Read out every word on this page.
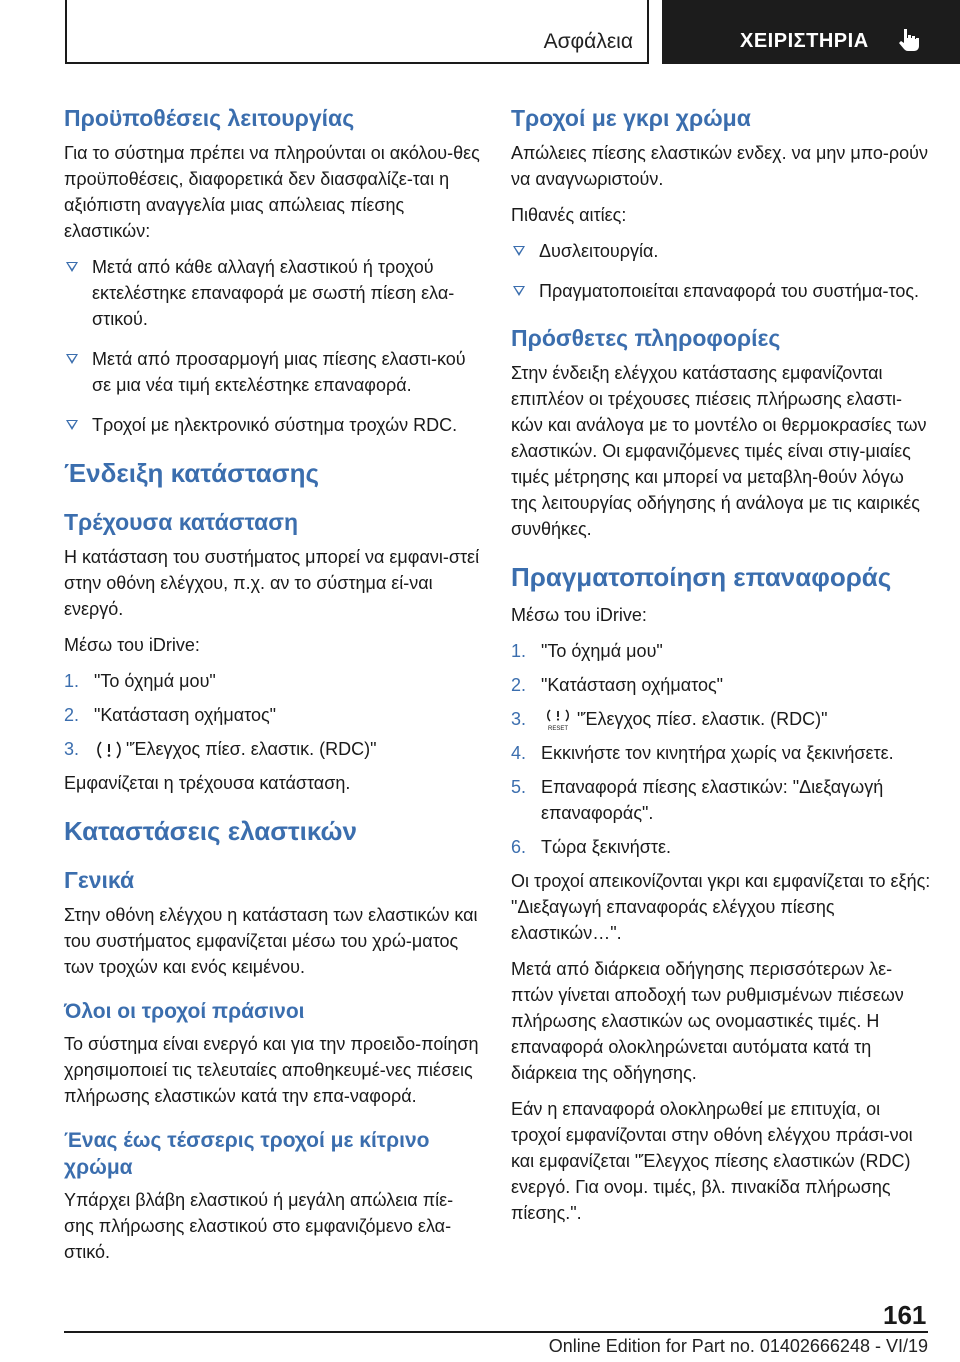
Ασφάλεια	ΧΕΙΡΙΣΤΗΡΙΑ
Προϋποθέσεις λειτουργίας
Για το σύστημα πρέπει να πληρούνται οι ακόλου-θες προϋποθέσεις, διαφορετικά δεν διασφαλίζε-ται η αξιόπιστη αναγγελία μιας απώλειας πίεσης ελαστικών:
Μετά από κάθε αλλαγή ελαστικού ή τροχού εκτελέστηκε επαναφορά με σωστή πίεση ελα-στικού.
Μετά από προσαρμογή μιας πίεσης ελαστι-κού σε μια νέα τιμή εκτελέστηκε επαναφορά.
Τροχοί με ηλεκτρονικό σύστημα τροχών RDC.
Ένδειξη κατάστασης
Τρέχουσα κατάσταση
Η κατάσταση του συστήματος μπορεί να εμφανι-στεί στην οθόνη ελέγχου, π.χ. αν το σύστημα εί-ναι ενεργό.
Μέσω του iDrive:
1. "Το όχημά μου"
2. "Κατάσταση οχήματος"
3.	"Έλεγχος πίεσ. ελαστικ. (RDC)"
Εμφανίζεται η τρέχουσα κατάσταση.
Καταστάσεις ελαστικών
Γενικά
Στην οθόνη ελέγχου η κατάσταση των ελαστικών και του συστήματος εμφανίζεται μέσω του χρώ-ματος των τροχών και ενός κειμένου.
Όλοι οι τροχοί πράσινοι
Το σύστημα είναι ενεργό και για την προειδο-ποίηση χρησιμοποιεί τις τελευταίες αποθηκευμέ-νες πιέσεις πλήρωσης ελαστικών κατά την επα-ναφορά.
Ένας έως τέσσερις τροχοί με κίτρινο χρώμα
Υπάρχει βλάβη ελαστικού ή μεγάλη απώλεια πίε-σης πλήρωσης ελαστικού στο εμφανιζόμενο ελα-στικό.
Τροχοί με γκρι χρώμα
Απώλειες πίεσης ελαστικών ενδεχ. να μην μπο-ρούν να αναγνωριστούν.
Πιθανές αιτίες:
Δυσλειτουργία.
Πραγματοποιείται επαναφορά του συστήμα-τος.
Πρόσθετες πληροφορίες
Στην ένδειξη ελέγχου κατάστασης εμφανίζονται επιπλέον οι τρέχουσες πιέσεις πλήρωσης ελαστι-κών και ανάλογα με το μοντέλο οι θερμοκρασίες των ελαστικών. Οι εμφανιζόμενες τιμές είναι στιγ-μιαίες τιμές μέτρησης και μπορεί να μεταβλη-θούν λόγω της λειτουργίας οδήγησης ή ανάλογα με τις καιρικές συνθήκες.
Πραγματοποίηση επαναφοράς
Μέσω του iDrive:
1. "Το όχημά μου"
2. "Κατάσταση οχήματος"
3.
RESET
"Έλεγχος πίεσ. ελαστικ. (RDC)"
4. Εκκινήστε τον κινητήρα χωρίς να ξεκινήσετε.
5. Επαναφορά πίεσης ελαστικών: "Διεξαγωγή επαναφοράς".
6. Τώρα ξεκινήστε.
Οι τροχοί απεικονίζονται γκρι και εμφανίζεται το εξής: "Διεξαγωγή επαναφοράς ελέγχου πίεσης ελαστικών…".
Μετά από διάρκεια οδήγησης περισσότερων λε-πτών γίνεται αποδοχή των ρυθμισμένων πιέσεων πλήρωσης ελαστικών ως ονομαστικές τιμές. Η επαναφορά ολοκληρώνεται αυτόματα κατά τη διάρκεια της οδήγησης.
Εάν η επαναφορά ολοκληρωθεί με επιτυχία, οι τροχοί εμφανίζονται στην οθόνη ελέγχου πράσι-νοι και εμφανίζεται "Έλεγχος πίεσης ελαστικών (RDC) ενεργό. Για ονομ. τιμές, βλ. πινακίδα πλήρωσης πίεσης.".
161
Online Edition for Part no. 01402666248 - VI/19
